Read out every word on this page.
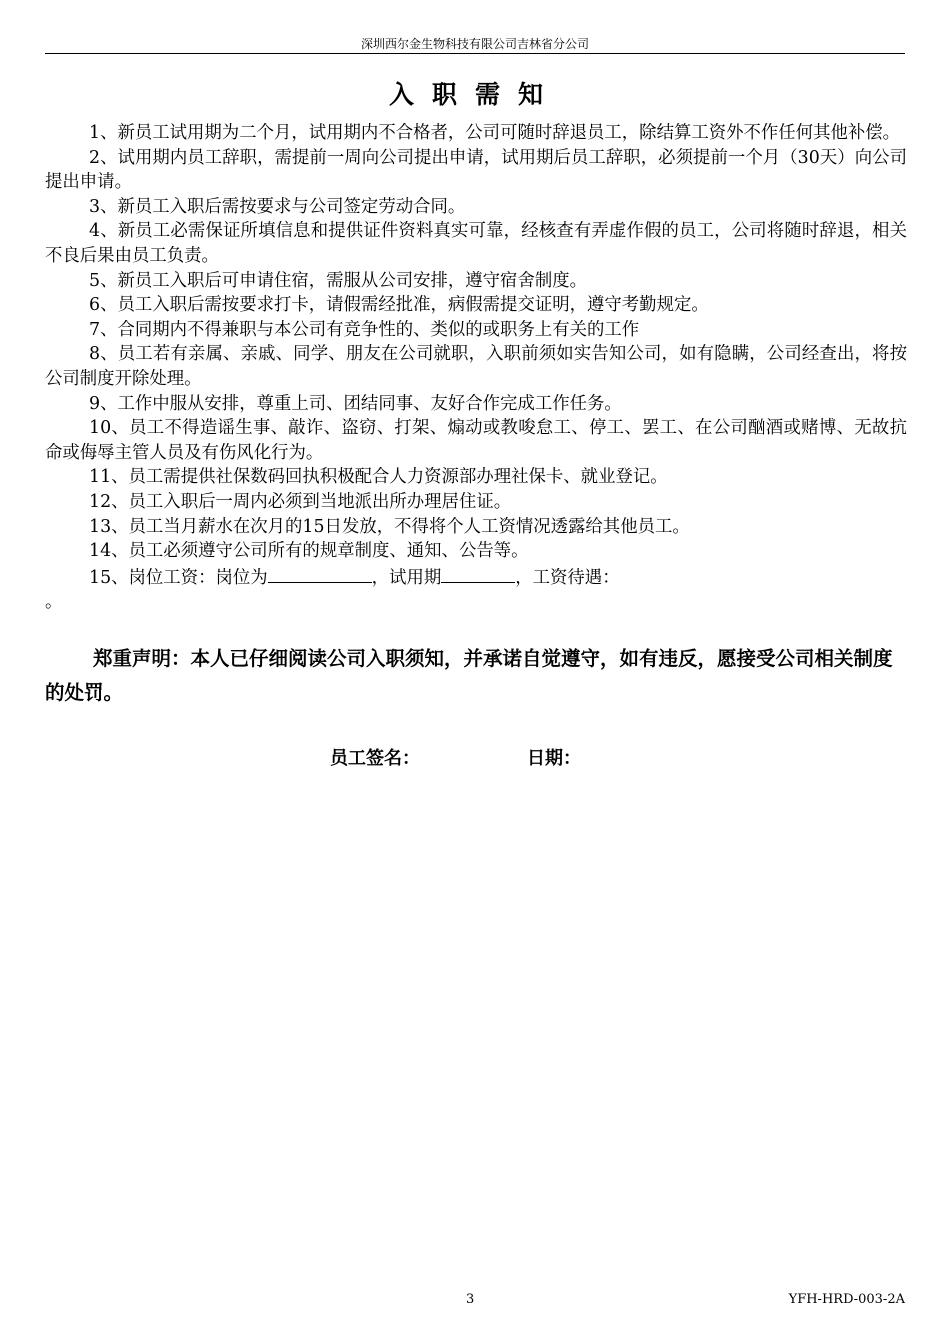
深圳西尔金生物科技有限公司吉林省分公司
入职需知

1、新员工试用期为二个月，试用期内不合格者，公司可随时辞退员工，除结算工资外不作任何其他补偿。

2、试用期内员工辞职，需提前一周向公司提出申请，试用期后员工辞职，必须提前一个月（30天）向公司提出申请。

3、新员工入职后需按要求与公司签定劳动合同。

4、新员工必需保证所填信息和提供证件资料真实可靠，经核查有弄虚作假的员工，公司将随时辞退，相关不良后果由员工负责。

5、新员工入职后可申请住宿，需服从公司安排，遵守宿舍制度。

6、员工入职后需按要求打卡，请假需经批准，病假需提交证明，遵守考勤规定。

7、合同期内不得兼职与本公司有竞争性的、类似的或职务上有关的工作

8、员工若有亲属、亲戚、同学、朋友在公司就职，入职前须如实告知公司，如有隐瞒，公司经查出，将按公司制度开除处理。

9、工作中服从安排，尊重上司、团结同事、友好合作完成工作任务。

10、员工不得造谣生事、敲诈、盗窃、打架、煽动或教唆怠工、停工、罢工、在公司酗酒或赌博、无故抗命或侮辱主管人员及有伤风化行为。

11、员工需提供社保数码回执积极配合人力资源部办理社保卡、就业登记。

12、员工入职后一周内必须到当地派出所办理居住证。

13、员工当月薪水在次月的15日发放，不得将个人工资情况透露给其他员工。

14、员工必须遵守公司所有的规章制度、通知、公告等。

15、岗位工资：岗位为	，试用期	，工资待遇：
。

郑重声明：本人已仔细阅读公司入职须知，并承诺自觉遵守，如有违反，愿接受公司相关制度的处罚。
员工签名：	日期：
3	YFH-HRD-003-2A
